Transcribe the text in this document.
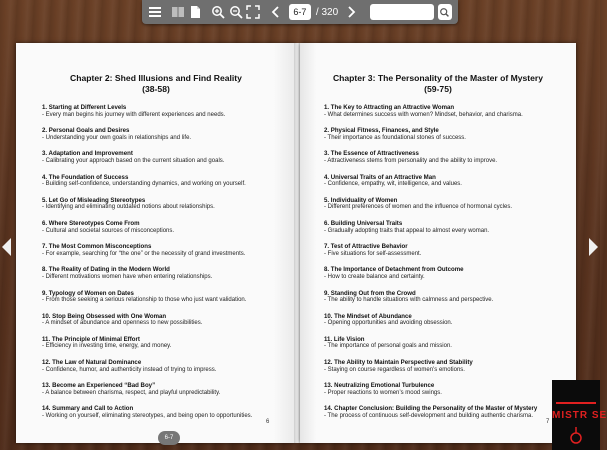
6-7
/ 320
Chapter 2: Shed Illusions and Find Reality
(38-58)
1. Starting at Different Levels
- Every man begins his journey with different experiences and needs.
2. Personal Goals and Desires
- Understanding your own goals in relationships and life.
3. Adaptation and Improvement
- Calibrating your approach based on the current situation and goals.
4. The Foundation of Success
- Building self-confidence, understanding dynamics, and working on yourself.
5. Let Go of Misleading Stereotypes
- Identifying and eliminating outdated notions about relationships.
6. Where Stereotypes Come From
- Cultural and societal sources of misconceptions.
7. The Most Common Misconceptions
- For example, searching for “the one” or the necessity of grand investments.
8. The Reality of Dating in the Modern World
- Different motivations women have when entering relationships.
9. Typology of Women on Dates
- From those seeking a serious relationship to those who just want validation.
10. Stop Being Obsessed with One Woman
- A mindset of abundance and openness to new possibilities.
11. The Principle of Minimal Effort
- Efficiency in investing time, energy, and money.
12. The Law of Natural Dominance
- Confidence, humor, and authenticity instead of trying to impress.
13. Become an Experienced “Bad Boy”
- A balance between charisma, respect, and playful unpredictability.
14. Summary and Call to Action
- Working on yourself, eliminating stereotypes, and being open to opportunities.
6
Chapter 3: The Personality of the Master of Mystery
(59-75)
1. The Key to Attracting an Attractive Woman
- What determines success with women? Mindset, behavior, and charisma.
2. Physical Fitness, Finances, and Style
- Their importance as foundational stones of success.
3. The Essence of Attractiveness
- Attractiveness stems from personality and the ability to improve.
4. Universal Traits of an Attractive Man
- Confidence, empathy, wit, intelligence, and values.
5. Individuality of Women
- Different preferences of women and the influence of hormonal cycles.
6. Building Universal Traits
- Gradually adopting traits that appeal to almost every woman.
7. Test of Attractive Behavior
- Five situations for self-assessment.
8. The Importance of Detachment from Outcome
- How to create balance and certainty.
9. Standing Out from the Crowd
- The ability to handle situations with calmness and perspective.
10. The Mindset of Abundance
- Opening opportunities and avoiding obsession.
11. Life Vision
- The importance of personal goals and mission.
12. The Ability to Maintain Perspective and Stability
- Staying on course regardless of women’s emotions.
13. Neutralizing Emotional Turbulence
- Proper reactions to women’s mood swings.
14. Chapter Conclusion: Building the Personality of the Master of Mystery
- The process of continuous self-development and building authentic charisma.
7
6-7
MISTR SE
